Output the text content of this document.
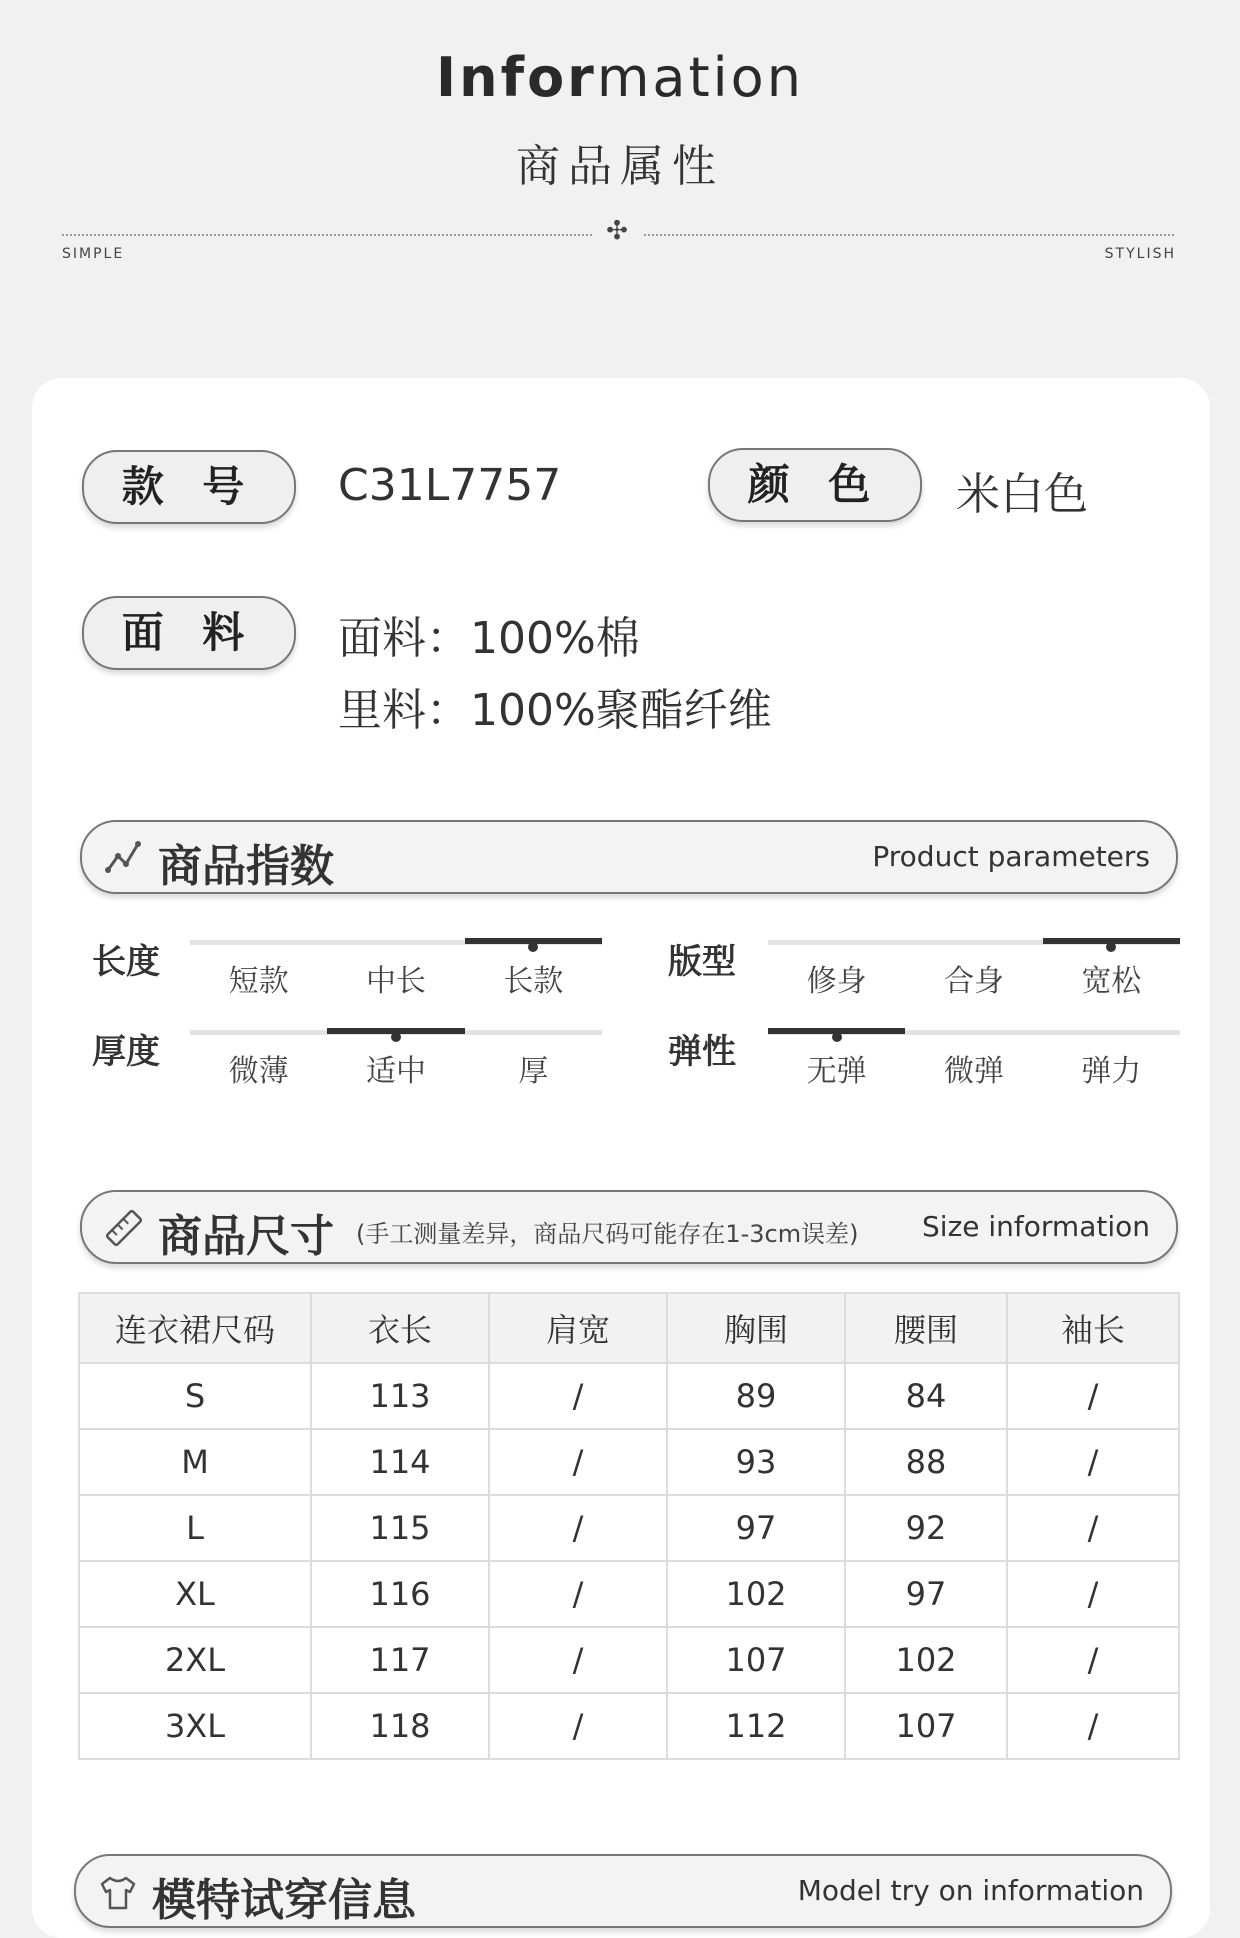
Information
商品属性
✣
SIMPLE	STYLISH
款 号	C31L7757	颜 色	米白色
面 料	面料：100%棉
里料：100%聚酯纤维
商品指数	Product parameters
长度	短款	中长	长款	版型	修身	合身	宽松
厚度	微薄	适中	厚	弹性	无弹	微弹	弹力
商品尺寸 (手工测量差异，商品尺码可能存在1-3cm误差) Size information
连衣裙尺码	衣长	肩宽	胸围	腰围	袖长
S	113	/	89	84	/
M	114	/	93	88	/
L	115	/	97	92	/
XL	116	/	102	97	/
2XL	117	/	107	102	/
3XL	118	/	112	107	/
模特试穿信息	Model try on information
